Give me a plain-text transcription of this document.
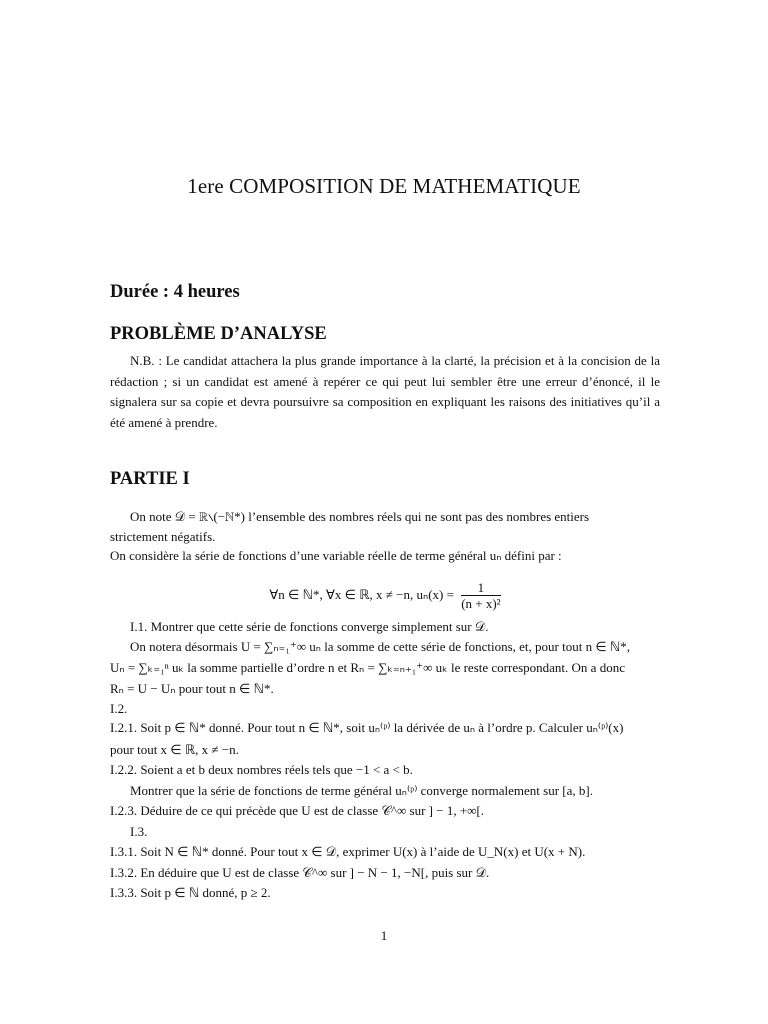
1ere COMPOSITION DE MATHEMATIQUE
Durée : 4 heures
PROBLÈME D’ANALYSE
N.B. : Le candidat attachera la plus grande importance à la clarté, la précision et à la concision de la rédaction ; si un candidat est amené à repérer ce qui peut lui sembler être une erreur d’énoncé, il le signalera sur sa copie et devra poursuivre sa composition en expliquant les raisons des initiatives qu’il a été amené à prendre.
PARTIE I
On note 𝒟 = ℝ∖(−ℕ*) l’ensemble des nombres réels qui ne sont pas des nombres entiers
strictement négatifs.
On considère la série de fonctions d’une variable réelle de terme général uₙ défini par :
∀n ∈ ℕ*, ∀x ∈ ℝ, x ≠ −n, $u_n(x) = \frac{1}{\text{(n + x)²}}$
I.1. Montrer que cette série de fonctions converge simplement sur 𝒟.
On notera désormais U = ∑ₙ₌₁⁺∞ uₙ la somme de cette série de fonctions, et, pour tout n ∈ ℕ*,
Uₙ = ∑ₖ₌₁ⁿ uₖ la somme partielle d’ordre n et Rₙ = ∑ₖ₌ₙ₊₁⁺∞ uₖ le reste correspondant. On a donc
Rₙ = U − Uₙ pour tout n ∈ ℕ*.
I.2.
I.2.1. Soit p ∈ ℕ* donné. Pour tout n ∈ ℕ*, soit uₙ⁽ᵖ⁾ la dérivée de uₙ à l’ordre p. Calculer uₙ⁽ᵖ⁾(x)
pour tout x ∈ ℝ, x ≠ −n.
I.2.2. Soient a et b deux nombres réels tels que −1 < a < b.
Montrer que la série de fonctions de terme général uₙ⁽ᵖ⁾ converge normalement sur [a, b].
I.2.3. Déduire de ce qui précède que U est de classe 𝒞^∞ sur ] − 1, +∞[.
I.3.
I.3.1. Soit N ∈ ℕ* donné. Pour tout x ∈ 𝒟, exprimer U(x) à l’aide de U_N(x) et U(x + N).
I.3.2. En déduire que U est de classe 𝒞^∞ sur ] − N − 1, −N[, puis sur 𝒟.
I.3.3. Soit p ∈ ℕ donné, p ≥ 2.
1
